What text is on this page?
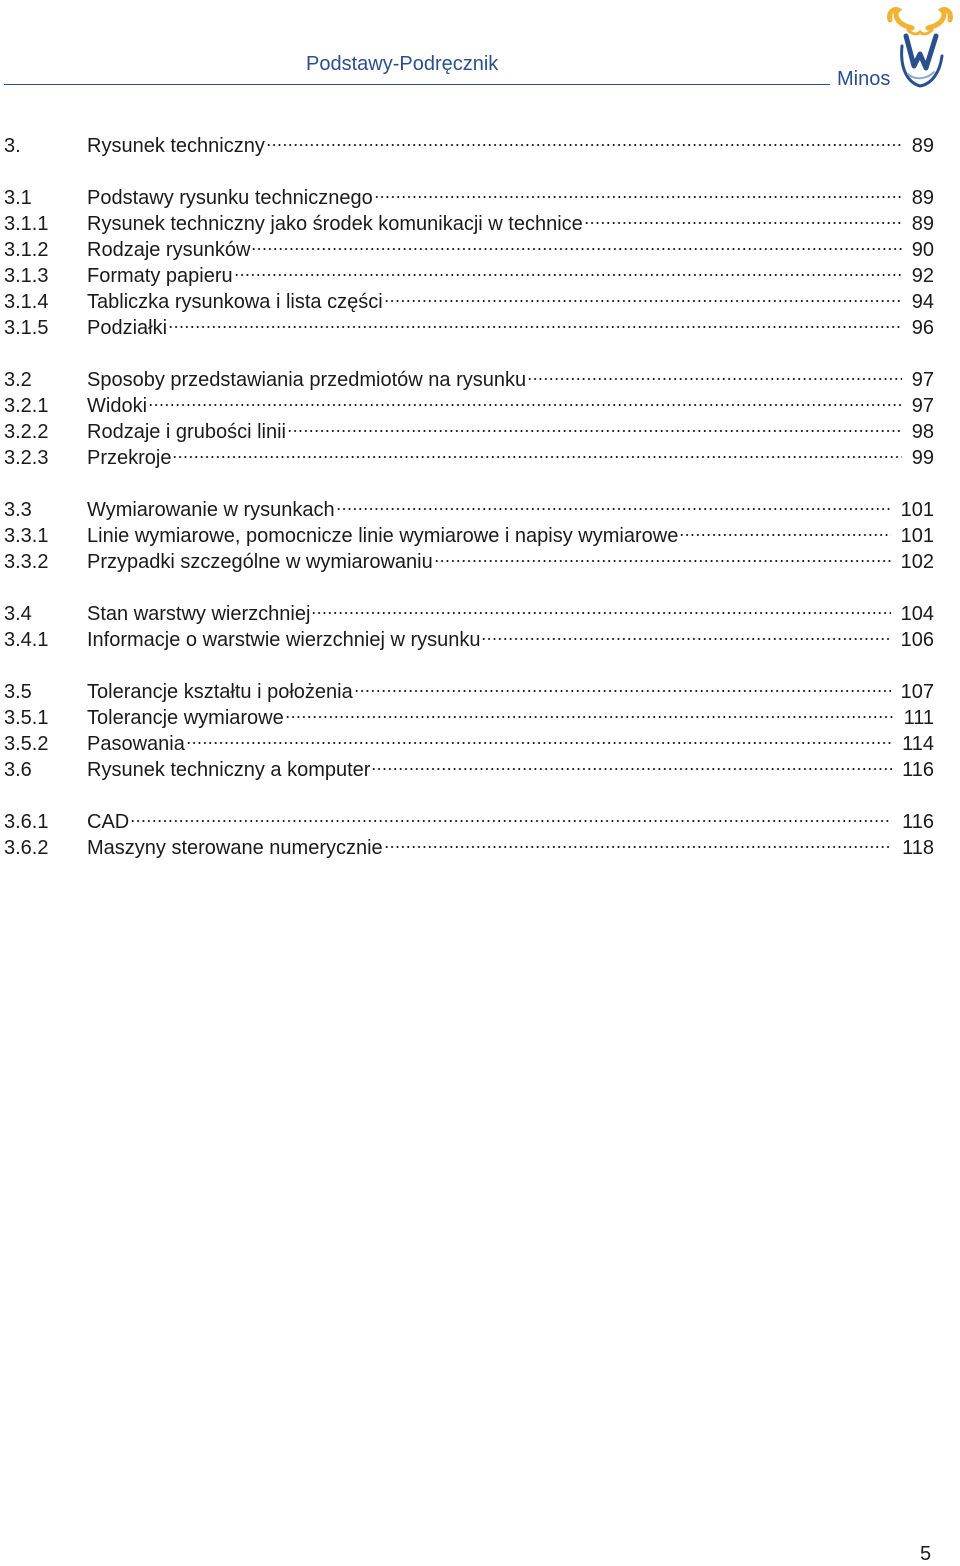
Podstawy-Podręcznik
Minos
3.	Rysunek techniczny	89
3.1	Podstawy rysunku technicznego	89
3.1.1	Rysunek techniczny jako środek komunikacji w technice	89
3.1.2	Rodzaje rysunków	90
3.1.3	Formaty papieru	92
3.1.4	Tabliczka rysunkowa i lista części	94
3.1.5	Podziałki	96
3.2	Sposoby przedstawiania przedmiotów na rysunku	97
3.2.1	Widoki	97
3.2.2	Rodzaje i grubości linii	98
3.2.3	Przekroje	99
3.3	Wymiarowanie w rysunkach	101
3.3.1	Linie wymiarowe, pomocnicze linie wymiarowe i napisy wymiarowe	101
3.3.2	Przypadki szczególne w wymiarowaniu	102
3.4	Stan warstwy wierzchniej	104
3.4.1	Informacje o warstwie wierzchniej w rysunku	106
3.5	Tolerancje kształtu i położenia	107
3.5.1	Tolerancje wymiarowe	111
3.5.2	Pasowania	114
3.6	Rysunek techniczny a komputer	116
3.6.1	CAD	116
3.6.2	Maszyny sterowane numerycznie	118
5
